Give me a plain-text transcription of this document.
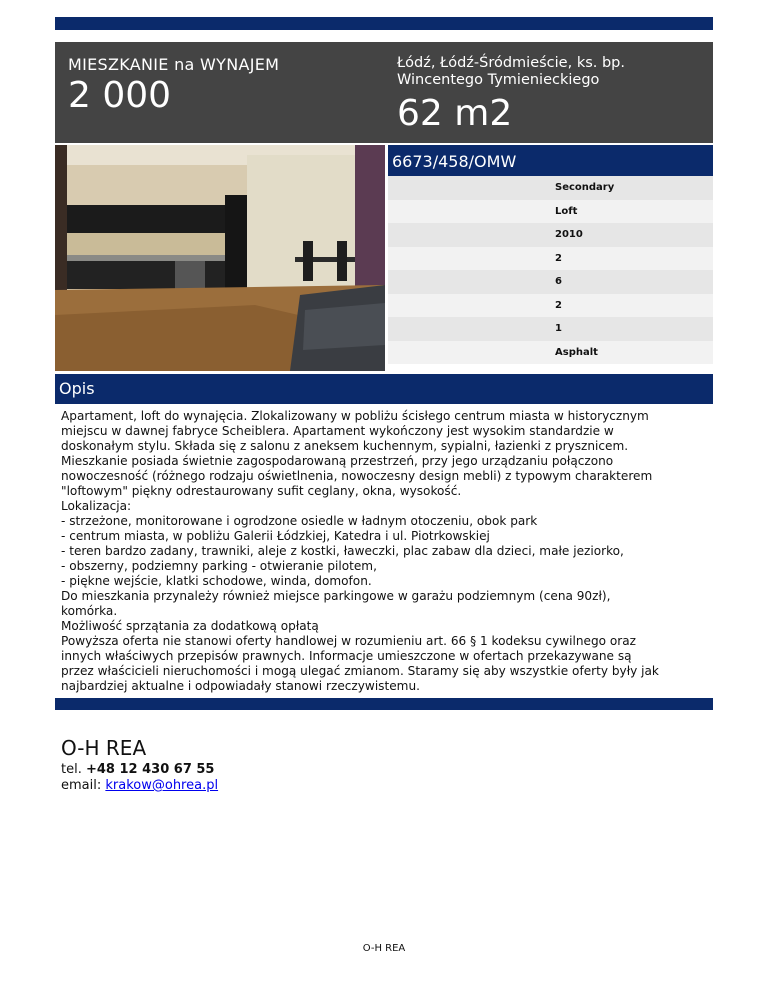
MIESZKANIE na WYNAJEM
2 000
Łódź, Łódź-Śródmieście, ks. bp. Wincentego Tymienieckiego
62 m2
6673/458/OMW
Secondary
Loft
2010
2
6
2
1
Asphalt
Opis
Apartament, loft do wynajęcia. Zlokalizowany w pobliżu ścisłego centrum miasta w historycznym
miejscu w dawnej fabryce Scheiblera. Apartament wykończony jest wysokim standardzie w
doskonałym stylu. Składa się z salonu z aneksem kuchennym, sypialni, łazienki z prysznicem.
Mieszkanie posiada świetnie zagospodarowaną przestrzeń, przy jego urządzaniu połączono
nowoczesność (różnego rodzaju oświetlnenia, nowoczesny design mebli) z typowym charakterem
"loftowym" piękny odrestaurowany sufit ceglany, okna, wysokość.
Lokalizacja:
- strzeżone, monitorowane i ogrodzone osiedle w ładnym otoczeniu, obok park
- centrum miasta, w pobliżu Galerii Łódzkiej, Katedra i ul. Piotrkowskiej
- teren bardzo zadany, trawniki, aleje z kostki, ławeczki, plac zabaw dla dzieci, małe jeziorko,
- obszerny, podziemny parking - otwieranie pilotem,
- piękne wejście, klatki schodowe, winda, domofon.
Do mieszkania przynależy również miejsce parkingowe w garażu podziemnym (cena 90zł),
komórka.
Możliwość sprzątania za dodatkową opłatą
Powyższa oferta nie stanowi oferty handlowej w rozumieniu art. 66 § 1 kodeksu cywilnego oraz
innych właściwych przepisów prawnych. Informacje umieszczone w ofertach przekazywane są
przez właścicieli nieruchomości i mogą ulegać zmianom. Staramy się aby wszystkie oferty były jak
najbardziej aktualne i odpowiadały stanowi rzeczywistemu.
O-H REA
tel. +48 12 430 67 55
email: krakow@ohrea.pl
O-H REA
